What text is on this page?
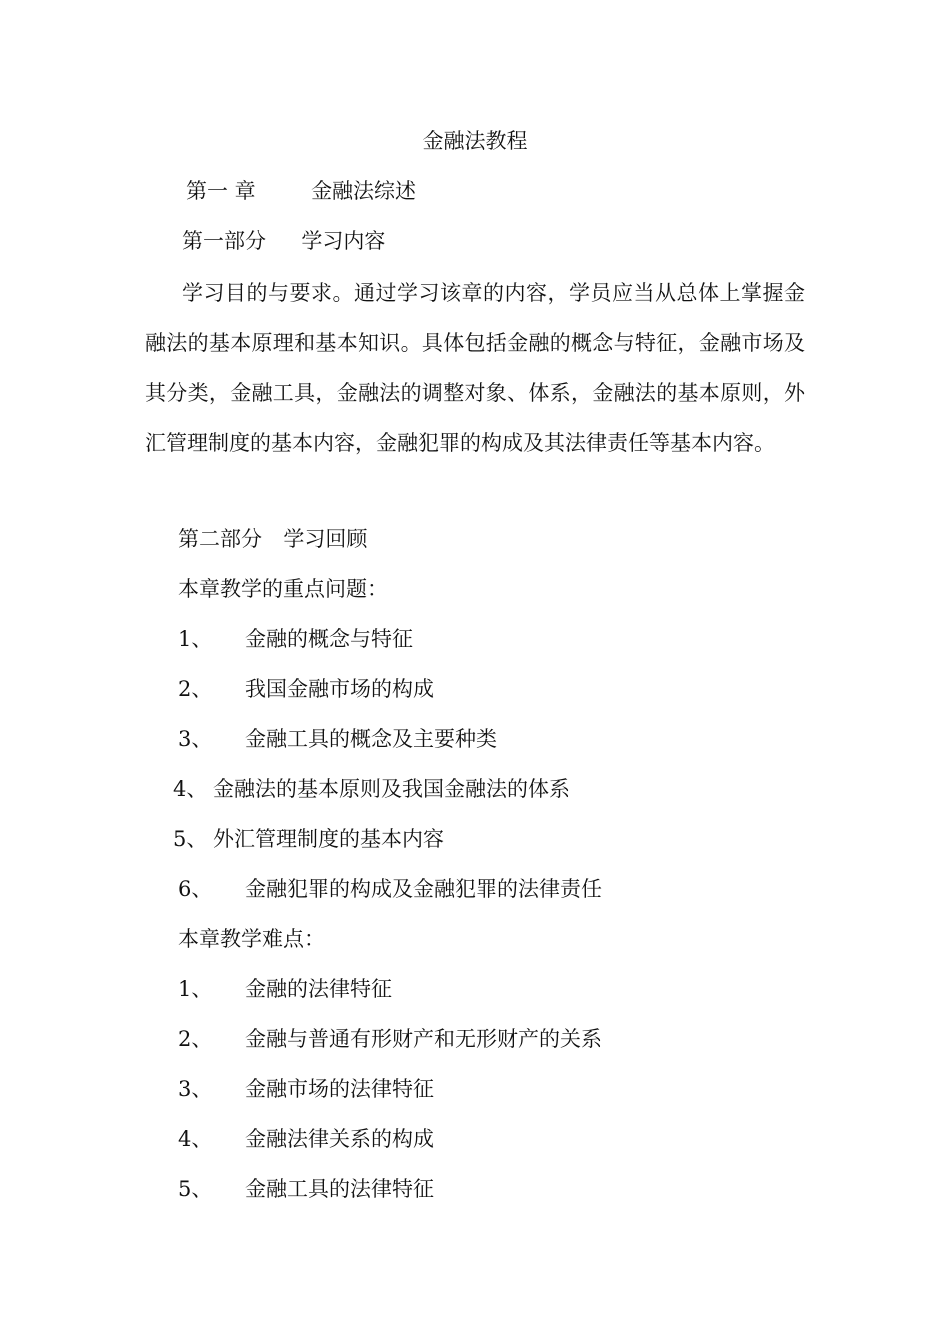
金融法教程
第一 章	金融法综述
第一部分 学习内容
学习目的与要求。通过学习该章的内容，学员应当从总体上掌握金融法的基本原理和基本知识。具体包括金融的概念与特征，金融市场及其分类，金融工具，金融法的调整对象、体系，金融法的基本原则，外汇管理制度的基本内容，金融犯罪的构成及其法律责任等基本内容。
第二部分 学习回顾
本章教学的重点问题：
1、 金融的概念与特征
2、 我国金融市场的构成
3、 金融工具的概念及主要种类
4、 金融法的基本原则及我国金融法的体系
5、 外汇管理制度的基本内容
6、 金融犯罪的构成及金融犯罪的法律责任
本章教学难点：
1、 金融的法律特征
2、 金融与普通有形财产和无形财产的关系
3、 金融市场的法律特征
4、 金融法律关系的构成
5、 金融工具的法律特征
